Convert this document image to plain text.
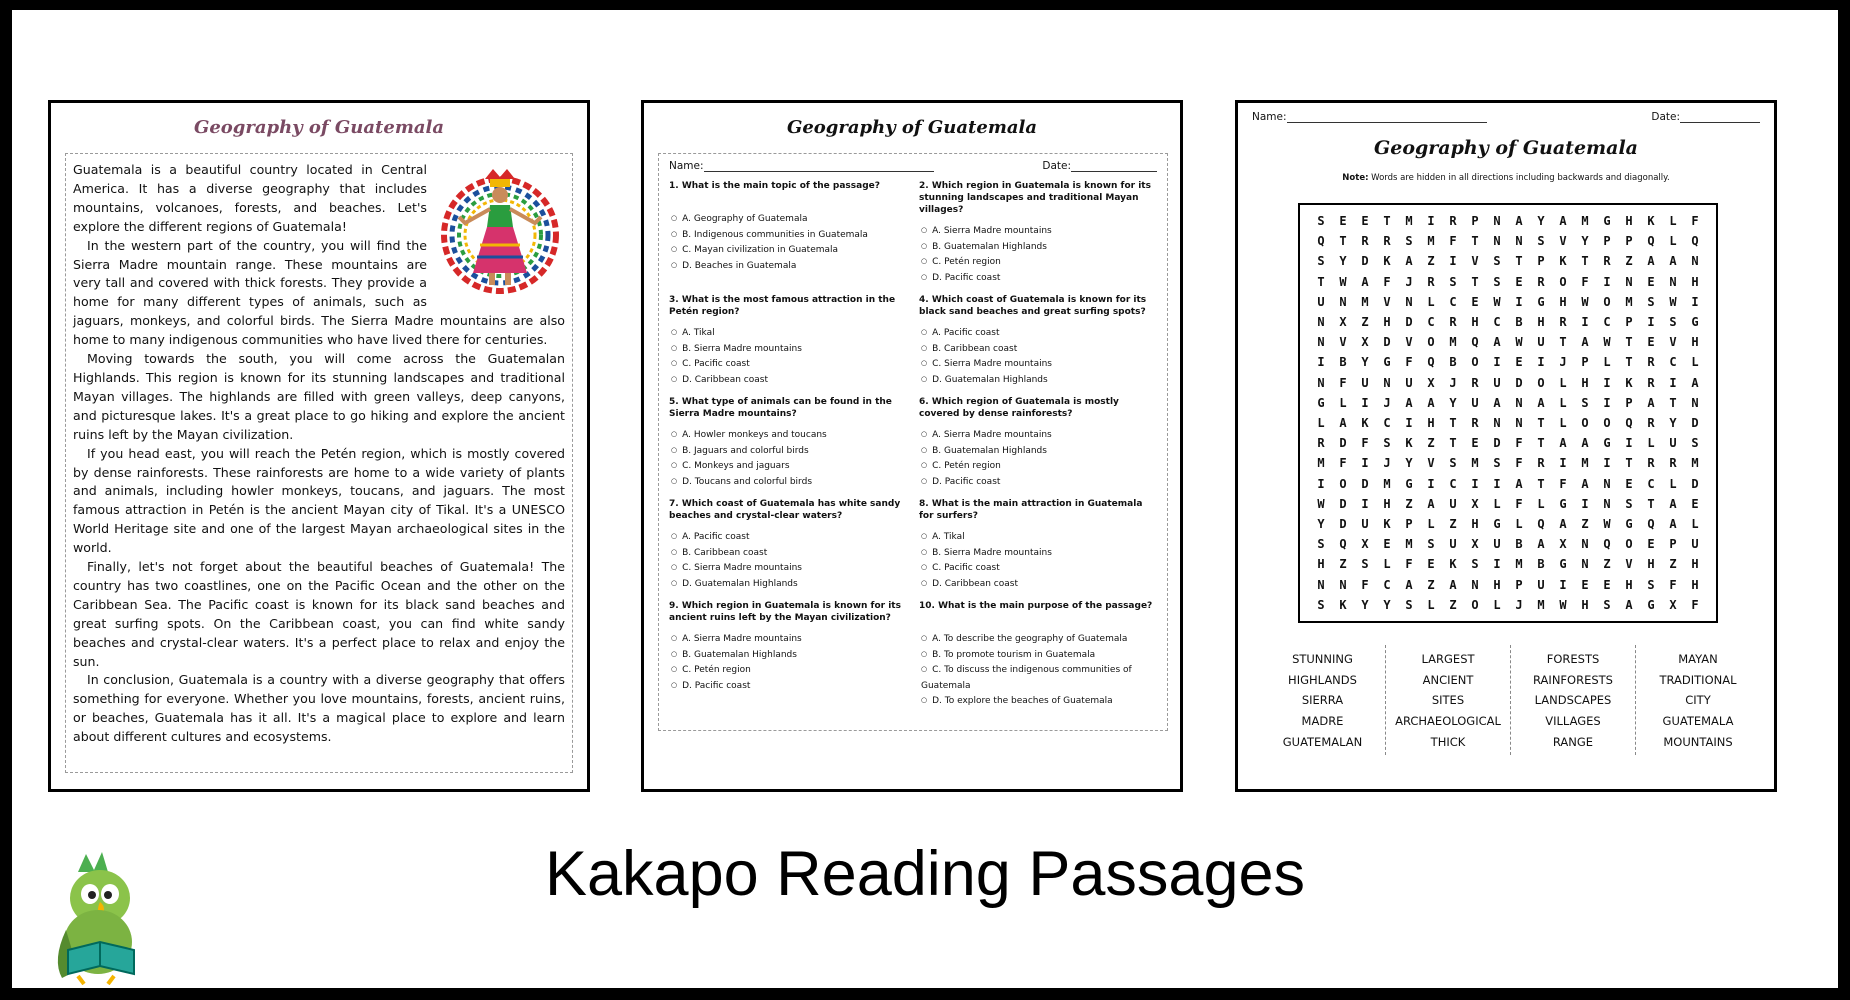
Geography of Guatemala

Guatemala is a beautiful country located in Central America. It has a diverse geography that includes mountains, volcanoes, forests, and beaches. Let's explore the different regions of Guatemala!

In the western part of the country, you will find the Sierra Madre mountain range. These mountains are very tall and covered with thick forests. They provide a home for many different types of animals, such as jaguars, monkeys, and colorful birds. The Sierra Madre mountains are also home to many indigenous communities who have lived there for centuries.

Moving towards the south, you will come across the Guatemalan Highlands. This region is known for its stunning landscapes and traditional Mayan villages. The highlands are filled with green valleys, deep canyons, and picturesque lakes. It's a great place to go hiking and explore the ancient ruins left by the Mayan civilization.

If you head east, you will reach the Petén region, which is mostly covered by dense rainforests. These rainforests are home to a wide variety of plants and animals, including howler monkeys, toucans, and jaguars. The most famous attraction in Petén is the ancient Mayan city of Tikal. It's a UNESCO World Heritage site and one of the largest Mayan archaeological sites in the world.

Finally, let's not forget about the beautiful beaches of Guatemala! The country has two coastlines, one on the Pacific Ocean and the other on the Caribbean Sea. The Pacific coast is known for its black sand beaches and great surfing spots. On the Caribbean coast, you can find white sandy beaches and crystal-clear waters. It's a perfect place to relax and enjoy the sun.

In conclusion, Guatemala is a country with a diverse geography that offers something for everyone. Whether you love mountains, forests, ancient ruins, or beaches, Guatemala has it all. It's a magical place to explore and learn about different cultures and ecosystems.

Geography of Guatemala
Name:	Date:
1. What is the main topic of the passage?
○ A. Geography of Guatemala
○ B. Indigenous communities in Guatemala
○ C. Mayan civilization in Guatemala
○ D. Beaches in Guatemala
2. Which region in Guatemala is known for its stunning landscapes and traditional Mayan villages?
○ A. Sierra Madre mountains
○ B. Guatemalan Highlands
○ C. Petén region
○ D. Pacific coast
3. What is the most famous attraction in the Petén region?
○ A. Tikal
○ B. Sierra Madre mountains
○ C. Pacific coast
○ D. Caribbean coast
4. Which coast of Guatemala is known for its black sand beaches and great surfing spots?
○ A. Pacific coast
○ B. Caribbean coast
○ C. Sierra Madre mountains
○ D. Guatemalan Highlands
5. What type of animals can be found in the Sierra Madre mountains?
○ A. Howler monkeys and toucans
○ B. Jaguars and colorful birds
○ C. Monkeys and jaguars
○ D. Toucans and colorful birds
6. Which region of Guatemala is mostly covered by dense rainforests?
○ A. Sierra Madre mountains
○ B. Guatemalan Highlands
○ C. Petén region
○ D. Pacific coast
7. Which coast of Guatemala has white sandy beaches and crystal-clear waters?
○ A. Pacific coast
○ B. Caribbean coast
○ C. Sierra Madre mountains
○ D. Guatemalan Highlands
8. What is the main attraction in Guatemala for surfers?
○ A. Tikal
○ B. Sierra Madre mountains
○ C. Pacific coast
○ D. Caribbean coast
9. Which region in Guatemala is known for its ancient ruins left by the Mayan civilization?
○ A. Sierra Madre mountains
○ B. Guatemalan Highlands
○ C. Petén region
○ D. Pacific coast
10. What is the main purpose of the passage?
○ A. To describe the geography of Guatemala
○ B. To promote tourism in Guatemala
○ C. To discuss the indigenous communities of Guatemala
○ D. To explore the beaches of Guatemala
Name:	Date:
Geography of Guatemala
Note: Words are hidden in all directions including backwards and diagonally.
S	E	E	T	M	I	R	P	N	A	Y	A	M	G	H	K	L	F
Q	T	R	R	S	M	F	T	N	N	S	V	Y	P	P	Q	L	Q
S	Y	D	K	A	Z	I	V	S	T	P	K	T	R	Z	A	A	N
T	W	A	F	J	R	S	T	S	E	R	O	F	I	N	E	N	H
U	N	M	V	N	L	C	E	W	I	G	H	W	O	M	S	W	I
N	X	Z	H	D	C	R	H	C	B	H	R	I	C	P	I	S	G
N	V	X	D	V	O	M	Q	A	W	U	T	A	W	T	E	V	H
I	B	Y	G	F	Q	B	O	I	E	I	J	P	L	T	R	C	L
N	F	U	N	U	X	J	R	U	D	O	L	H	I	K	R	I	A
G	L	I	J	A	A	Y	U	A	N	A	L	S	I	P	A	T	N
L	A	K	C	I	H	T	R	N	N	T	L	O	O	Q	R	Y	D
R	D	F	S	K	Z	T	E	D	F	T	A	A	G	I	L	U	S
M	F	I	J	Y	V	S	M	S	F	R	I	M	I	T	R	R	M
I	O	D	M	G	I	C	I	I	A	T	F	A	N	E	C	L	D
W	D	I	H	Z	A	U	X	L	F	L	G	I	N	S	T	A	E
Y	D	U	K	P	L	Z	H	G	L	Q	A	Z	W	G	Q	A	L
S	Q	X	E	M	S	U	X	U	B	A	X	N	Q	O	E	P	U
H	Z	S	L	F	E	K	S	I	M	B	G	N	Z	V	H	Z	H
N	N	F	C	A	Z	A	N	H	P	U	I	E	E	H	S	F	H
S	K	Y	Y	S	L	Z	O	L	J	M	W	H	S	A	G	X	F
STUNNING
HIGHLANDS
SIERRA
MADRE
GUATEMALAN
LARGEST
ANCIENT
SITES
ARCHAEOLOGICAL
THICK
FORESTS
RAINFORESTS
LANDSCAPES
VILLAGES
RANGE
MAYAN
TRADITIONAL
CITY
GUATEMALA
MOUNTAINS
Kakapo Reading Passages
